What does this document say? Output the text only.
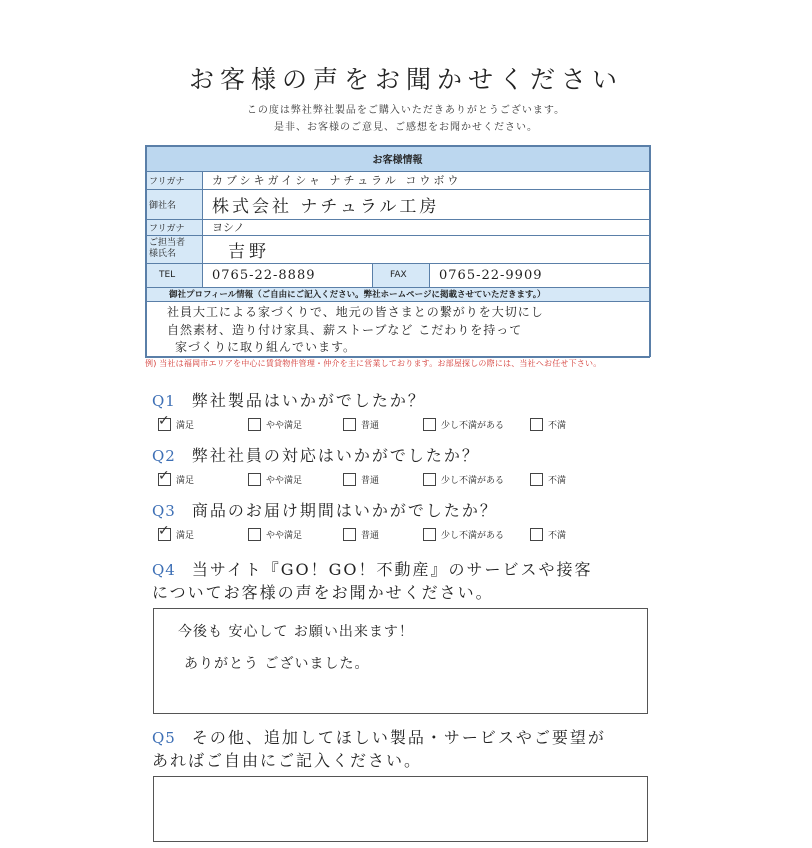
お客様の声をお聞かせください
この度は弊社弊社製品をご購入いただきありがとうございます。
是非、お客様のご意見、ご感想をお聞かせください。
お客様情報
フリガナ	カブシキガイシャ ナチュラル コウボウ
御社名	株式会社 ナチュラル工房
フリガナ	ヨシノ
ご担当者
様氏名	吉野
TEL	0765-22-8889	FAX	0765-22-9909
御社プロフィール情報（ご自由にご記入ください。弊社ホームページに掲載させていただきます。）
社員大工による家づくりで、地元の皆さまとの繋がりを大切にし
自然素材、造り付け家具、薪ストーブなど こだわりを持って
家づくりに取り組んでいます。
例) 当社は福岡市エリアを中心に賃貸物件管理・仲介を主に営業しております。お部屋探しの際には、当社へお任せ下さい。
Q1 弊社製品はいかがでしたか？
✓ 満足	やや満足	普通	少し不満がある	不満
Q2 弊社社員の対応はいかがでしたか？
✓ 満足	やや満足	普通	少し不満がある	不満
Q3 商品のお届け期間はいかがでしたか？
✓ 満足	やや満足	普通	少し不満がある	不満
Q4 当サイト『GO！GO！不動産』のサービスや接客
についてお客様の声をお聞かせください。
今後も 安心して お願い出来ます！
ありがとう ございました。
Q5 その他、追加してほしい製品・サービスやご要望が
あればご自由にご記入ください。
